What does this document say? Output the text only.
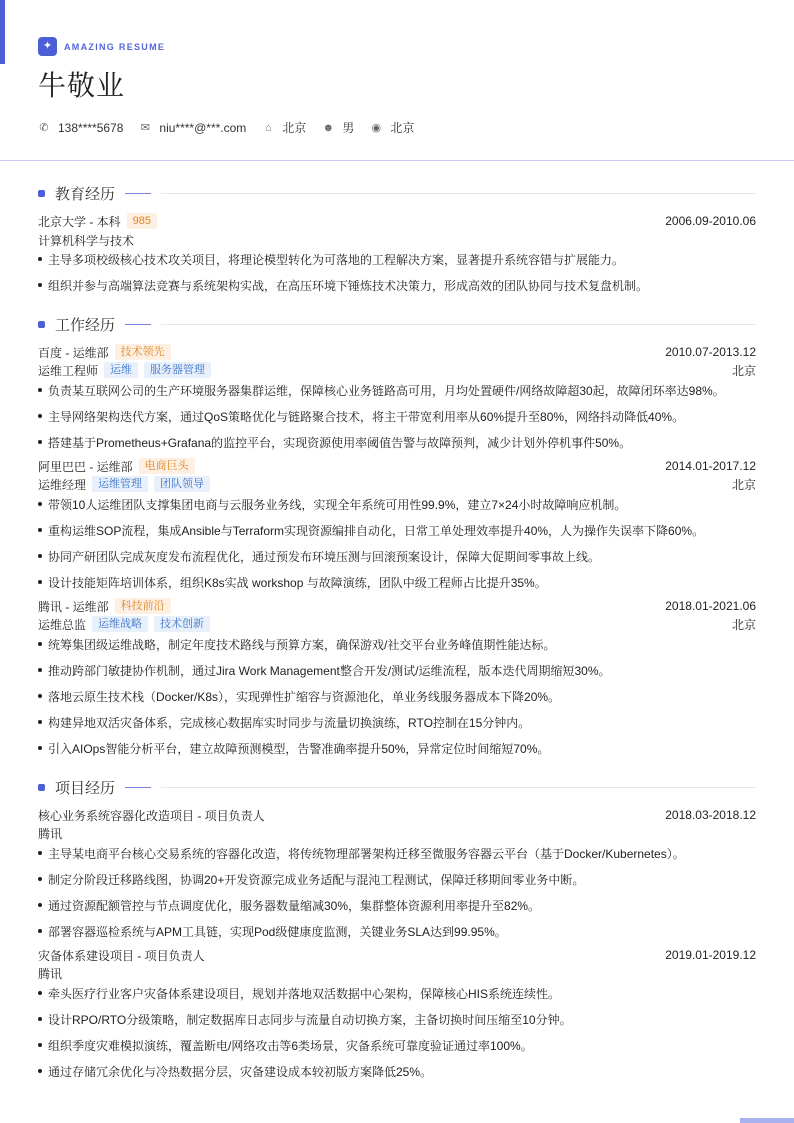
✦	AMAZING RESUME
牛敬业
✆ 138****5678 ✉ niu****@***.com ⌂ 北京 ☻ 男 ◉ 北京
教育经历
北京大学 - 本科	985	2006.09-2010.06
计算机科学与技术
主导多项校级核心技术攻关项目，将理论模型转化为可落地的工程解决方案，显著提升系统容错与扩展能力。
组织并参与高端算法竞赛与系统架构实战，在高压环境下锤炼技术决策力，形成高效的团队协同与技术复盘机制。
工作经历
百度 - 运维部	技术领先	2010.07-2013.12
运维工程师	运维	服务器管理	北京
负责某互联网公司的生产环境服务器集群运维，保障核心业务链路高可用，月均处置硬件/网络故障超30起，故障闭环率达98%。
主导网络架构迭代方案，通过QoS策略优化与链路聚合技术，将主干带宽利用率从60%提升至80%，网络抖动降低40%。
搭建基于Prometheus+Grafana的监控平台，实现资源使用率阈值告警与故障预判，减少计划外停机事件50%。
阿里巴巴 - 运维部	电商巨头	2014.01-2017.12
运维经理	运维管理	团队领导	北京
带领10人运维团队支撑集团电商与云服务业务线，实现全年系统可用性99.9%，建立7×24小时故障响应机制。
重构运维SOP流程，集成Ansible与Terraform实现资源编排自动化，日常工单处理效率提升40%，人为操作失误率下降60%。
协同产研团队完成灰度发布流程优化，通过预发布环境压测与回滚预案设计，保障大促期间零事故上线。
设计技能矩阵培训体系，组织K8s实战 workshop 与故障演练，团队中级工程师占比提升35%。
腾讯 - 运维部	科技前沿	2018.01-2021.06
运维总监	运维战略	技术创新	北京
统筹集团级运维战略，制定年度技术路线与预算方案，确保游戏/社交平台业务峰值期性能达标。
推动跨部门敏捷协作机制，通过Jira Work Management整合开发/测试/运维流程，版本迭代周期缩短30%。
落地云原生技术栈（Docker/K8s），实现弹性扩缩容与资源池化，单业务线服务器成本下降20%。
构建异地双活灾备体系，完成核心数据库实时同步与流量切换演练，RTO控制在15分钟内。
引入AIOps智能分析平台，建立故障预测模型，告警准确率提升50%，异常定位时间缩短70%。
项目经历
核心业务系统容器化改造项目 - 项目负责人	2018.03-2018.12
腾讯
主导某电商平台核心交易系统的容器化改造，将传统物理部署架构迁移至微服务容器云平台（基于Docker/Kubernetes）。
制定分阶段迁移路线图，协调20+开发资源完成业务适配与混沌工程测试，保障迁移期间零业务中断。
通过资源配额管控与节点调度优化，服务器数量缩减30%，集群整体资源利用率提升至82%。
部署容器巡检系统与APM工具链，实现Pod级健康度监测，关键业务SLA达到99.95%。
灾备体系建设项目 - 项目负责人	2019.01-2019.12
腾讯
牵头医疗行业客户灾备体系建设项目，规划并落地双活数据中心架构，保障核心HIS系统连续性。
设计RPO/RTO分级策略，制定数据库日志同步与流量自动切换方案，主备切换时间压缩至10分钟。
组织季度灾难模拟演练，覆盖断电/网络攻击等6类场景，灾备系统可靠度验证通过率100%。
通过存储冗余优化与冷热数据分层，灾备建设成本较初版方案降低25%。
